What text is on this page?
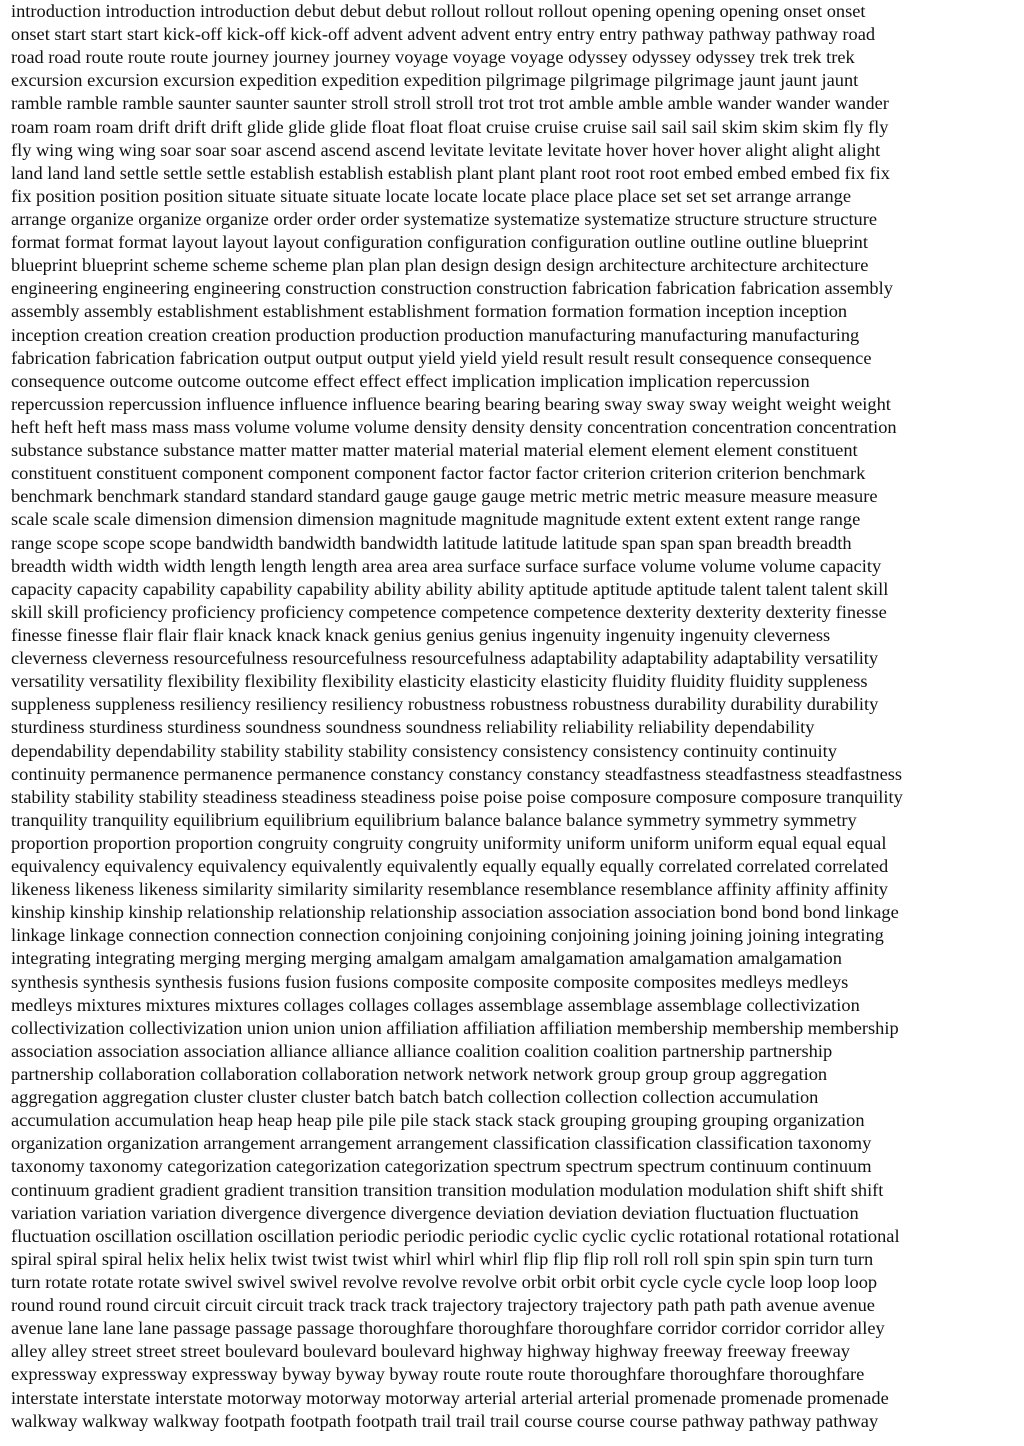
introduction introduction introduction debut debut debut rollout rollout rollout opening opening opening onset onset
onset start start start kick-off kick-off kick-off advent advent advent entry entry entry pathway pathway pathway road
road road route route route journey journey journey voyage voyage voyage odyssey odyssey odyssey trek trek trek
excursion excursion excursion expedition expedition expedition pilgrimage pilgrimage pilgrimage jaunt jaunt jaunt
ramble ramble ramble saunter saunter saunter stroll stroll stroll trot trot trot amble amble amble wander wander wander
roam roam roam drift drift drift glide glide glide float float float cruise cruise cruise sail sail sail skim skim skim fly fly
fly wing wing wing soar soar soar ascend ascend ascend levitate levitate levitate hover hover hover alight alight alight
land land land settle settle settle establish establish establish plant plant plant root root root embed embed embed fix fix
fix position position position situate situate situate locate locate locate place place place set set set arrange arrange
arrange organize organize organize order order order systematize systematize systematize structure structure structure
format format format layout layout layout configuration configuration configuration outline outline outline blueprint
blueprint blueprint scheme scheme scheme plan plan plan design design design architecture architecture architecture
engineering engineering engineering construction construction construction fabrication fabrication fabrication assembly
assembly assembly establishment establishment establishment formation formation formation inception inception
inception creation creation creation production production production manufacturing manufacturing manufacturing
fabrication fabrication fabrication output output output yield yield yield result result result consequence consequence
consequence outcome outcome outcome effect effect effect implication implication implication repercussion
repercussion repercussion influence influence influence bearing bearing bearing sway sway sway weight weight weight
heft heft heft mass mass mass volume volume volume density density density concentration concentration concentration
substance substance substance matter matter matter material material material element element element constituent
constituent constituent component component component factor factor factor criterion criterion criterion benchmark
benchmark benchmark standard standard standard gauge gauge gauge metric metric metric measure measure measure
scale scale scale dimension dimension dimension magnitude magnitude magnitude extent extent extent range range
range scope scope scope bandwidth bandwidth bandwidth latitude latitude latitude span span span breadth breadth
breadth width width width length length length area area area surface surface surface volume volume volume capacity
capacity capacity capability capability capability ability ability ability aptitude aptitude aptitude talent talent talent skill
skill skill proficiency proficiency proficiency competence competence competence dexterity dexterity dexterity finesse
finesse finesse flair flair flair knack knack knack genius genius genius ingenuity ingenuity ingenuity cleverness
cleverness cleverness resourcefulness resourcefulness resourcefulness adaptability adaptability adaptability versatility
versatility versatility flexibility flexibility flexibility elasticity elasticity elasticity fluidity fluidity fluidity suppleness
suppleness suppleness resiliency resiliency resiliency robustness robustness robustness durability durability durability
sturdiness sturdiness sturdiness soundness soundness soundness reliability reliability reliability dependability
dependability dependability stability stability stability consistency consistency consistency continuity continuity
continuity permanence permanence permanence constancy constancy constancy steadfastness steadfastness steadfastness
stability stability stability steadiness steadiness steadiness poise poise poise composure composure composure tranquility
tranquility tranquility equilibrium equilibrium equilibrium balance balance balance symmetry symmetry symmetry
proportion proportion proportion congruity congruity congruity uniformity uniform uniform uniform equal equal equal
equivalency equivalency equivalency equivalently equivalently equally equally equally correlated correlated correlated
likeness likeness likeness similarity similarity similarity resemblance resemblance resemblance affinity affinity affinity
kinship kinship kinship relationship relationship relationship association association association bond bond bond linkage
linkage linkage connection connection connection conjoining conjoining conjoining joining joining joining integrating
integrating integrating merging merging merging amalgam amalgam amalgamation amalgamation amalgamation
synthesis synthesis synthesis fusions fusion fusions composite composite composite composites medleys medleys
medleys mixtures mixtures mixtures collages collages collages assemblage assemblage assemblage collectivization
collectivization collectivization union union union affiliation affiliation affiliation membership membership membership
association association association alliance alliance alliance coalition coalition coalition partnership partnership
partnership collaboration collaboration collaboration network network network group group group aggregation
aggregation aggregation cluster cluster cluster batch batch batch collection collection collection accumulation
accumulation accumulation heap heap heap pile pile pile stack stack stack grouping grouping grouping organization
organization organization arrangement arrangement arrangement classification classification classification taxonomy
taxonomy taxonomy categorization categorization categorization spectrum spectrum spectrum continuum continuum
continuum gradient gradient gradient transition transition transition modulation modulation modulation shift shift shift
variation variation variation divergence divergence divergence deviation deviation deviation fluctuation fluctuation
fluctuation oscillation oscillation oscillation periodic periodic periodic cyclic cyclic cyclic rotational rotational rotational
spiral spiral spiral helix helix helix twist twist twist whirl whirl whirl flip flip flip roll roll roll spin spin spin turn turn
turn rotate rotate rotate swivel swivel swivel revolve revolve revolve orbit orbit orbit cycle cycle cycle loop loop loop
round round round circuit circuit circuit track track track trajectory trajectory trajectory path path path avenue avenue
avenue lane lane lane passage passage passage thoroughfare thoroughfare thoroughfare corridor corridor corridor alley
alley alley street street street boulevard boulevard boulevard highway highway highway freeway freeway freeway
expressway expressway expressway byway byway byway route route route thoroughfare thoroughfare thoroughfare
interstate interstate interstate motorway motorway motorway arterial arterial arterial promenade promenade promenade
walkway walkway walkway footpath footpath footpath trail trail trail course course course pathway pathway pathway
